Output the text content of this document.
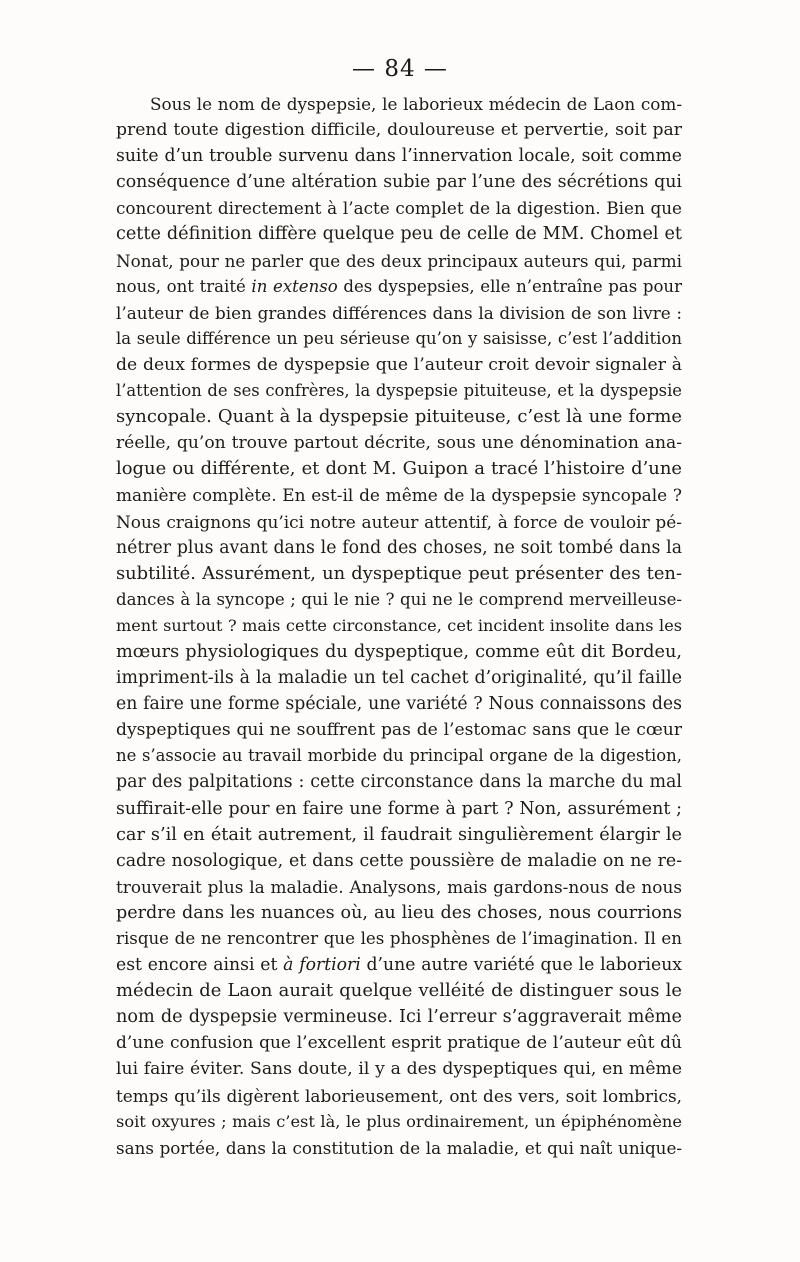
— 84 —
Sous le nom de dyspepsie, le laborieux médecin de Laon com-
prend toute digestion difficile, douloureuse et pervertie, soit par
suite d’un trouble survenu dans l’innervation locale, soit comme
conséquence d’une altération subie par l’une des sécrétions qui
concourent directement à l’acte complet de la digestion. Bien que
cette définition diffère quelque peu de celle de MM. Chomel et
Nonat, pour ne parler que des deux principaux auteurs qui, parmi
nous, ont traité in extenso des dyspepsies, elle n’entraîne pas pour
l’auteur de bien grandes différences dans la division de son livre :
la seule différence un peu sérieuse qu’on y saisisse, c’est l’addition
de deux formes de dyspepsie que l’auteur croit devoir signaler à
l’attention de ses confrères, la dyspepsie pituiteuse, et la dyspepsie
syncopale. Quant à la dyspepsie pituiteuse, c’est là une forme
réelle, qu’on trouve partout décrite, sous une dénomination ana-
logue ou différente, et dont M. Guipon a tracé l’histoire d’une
manière complète. En est-il de même de la dyspepsie syncopale ?
Nous craignons qu’ici notre auteur attentif, à force de vouloir pé-
nétrer plus avant dans le fond des choses, ne soit tombé dans la
subtilité. Assurément, un dyspeptique peut présenter des ten-
dances à la syncope ; qui le nie ? qui ne le comprend merveilleuse-
ment surtout ? mais cette circonstance, cet incident insolite dans les
mœurs physiologiques du dyspeptique, comme eût dit Bordeu,
impriment-ils à la maladie un tel cachet d’originalité, qu’il faille
en faire une forme spéciale, une variété ? Nous connaissons des
dyspeptiques qui ne souffrent pas de l’estomac sans que le cœur
ne s’associe au travail morbide du principal organe de la digestion,
par des palpitations : cette circonstance dans la marche du mal
suffirait-elle pour en faire une forme à part ? Non, assurément ;
car s’il en était autrement, il faudrait singulièrement élargir le
cadre nosologique, et dans cette poussière de maladie on ne re-
trouverait plus la maladie. Analysons, mais gardons-nous de nous
perdre dans les nuances où, au lieu des choses, nous courrions
risque de ne rencontrer que les phosphènes de l’imagination. Il en
est encore ainsi et à fortiori d’une autre variété que le laborieux
médecin de Laon aurait quelque velléité de distinguer sous le
nom de dyspepsie vermineuse. Ici l’erreur s’aggraverait même
d’une confusion que l’excellent esprit pratique de l’auteur eût dû
lui faire éviter. Sans doute, il y a des dyspeptiques qui, en même
temps qu’ils digèrent laborieusement, ont des vers, soit lombrics,
soit oxyures ; mais c’est là, le plus ordinairement, un épiphénomène
sans portée, dans la constitution de la maladie, et qui naît unique-
